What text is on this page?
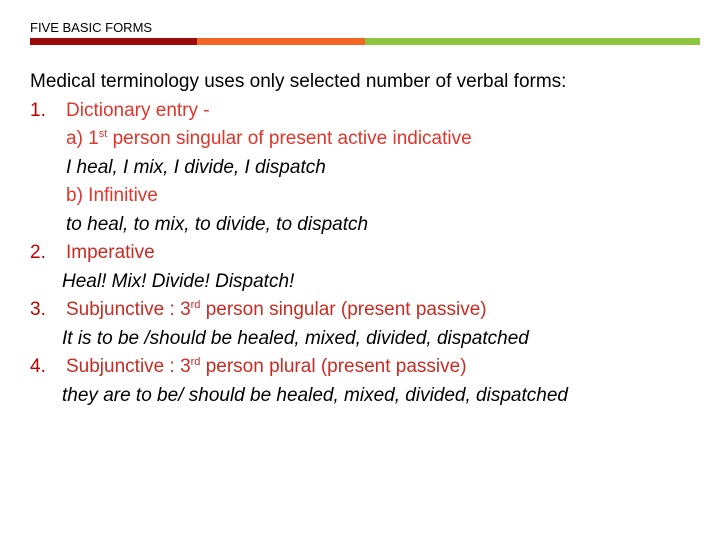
FIVE BASIC FORMS
Medical terminology uses only selected number of verbal forms:
1. Dictionary entry -
a) 1st person singular of present active indicative
I heal, I mix, I divide, I dispatch
b) Infinitive
to heal, to mix, to divide, to dispatch
2. Imperative
Heal! Mix! Divide! Dispatch!
3. Subjunctive : 3rd person singular (present passive)
It is to be /should be healed, mixed, divided, dispatched
4. Subjunctive : 3rd person plural (present passive)
they are to be/ should be healed, mixed, divided, dispatched
